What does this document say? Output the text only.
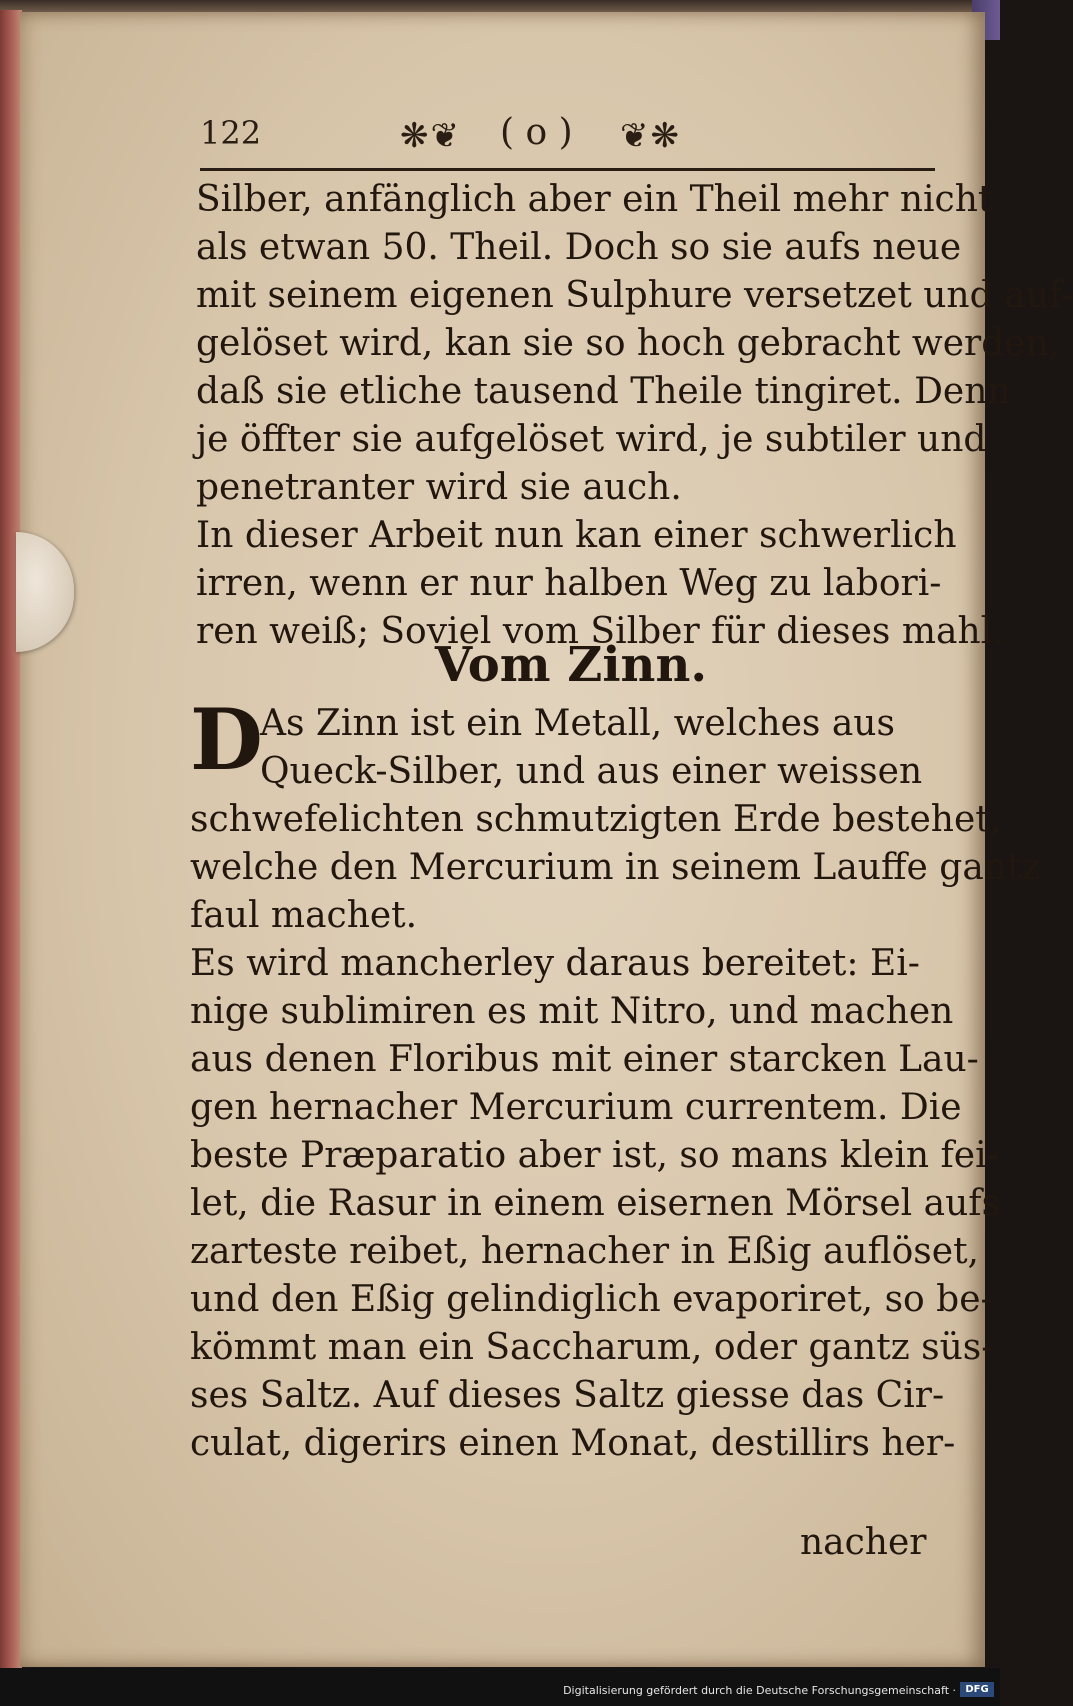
122	❋❦ ( o ) ❦❋
Silber, anfänglich aber ein Theil mehr nicht
als etwan 50. Theil. Doch so sie aufs neue
mit seinem eigenen Sulphure versetzet und auf-
gelöset wird, kan sie so hoch gebracht werden,
daß sie etliche tausend Theile tingiret. Denn
je öffter sie aufgelöset wird, je subtiler und
penetranter wird sie auch.
In dieser Arbeit nun kan einer schwerlich
irren, wenn er nur halben Weg zu labori-
ren weiß; Soviel vom Silber für dieses mahl.
Vom Zinn.
D
As Zinn ist ein Metall, welches aus
Queck-Silber, und aus einer weissen
schwefelichten schmutzigten Erde bestehet,
welche den Mercurium in seinem Lauffe gantz
faul machet.
Es wird mancherley daraus bereitet: Ei-
nige sublimiren es mit Nitro, und machen
aus denen Floribus mit einer starcken Lau-
gen hernacher Mercurium currentem. Die
beste Præparatio aber ist, so mans klein fei-
let, die Rasur in einem eisernen Mörsel aufs
zarteste reibet, hernacher in Eßig auflöset,
und den Eßig gelindiglich evaporiret, so be-
kömmt man ein Saccharum, oder gantz süs-
ses Saltz. Auf dieses Saltz giesse das Cir-
culat, digerirs einen Monat, destillirs her-
nacher
Digitalisierung gefördert durch die Deutsche Forschungsgemeinschaft · DFG
